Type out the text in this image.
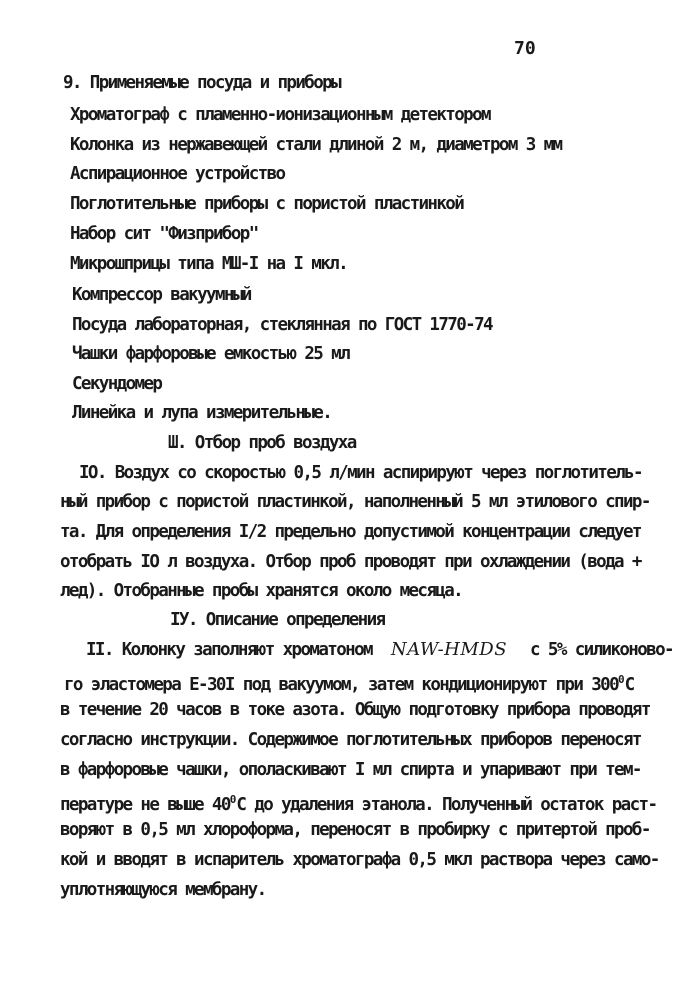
70
9. Применяемые посуда и приборы
Хроматограф с пламенно-ионизационным детектором
Колонка из нержавеющей стали длиной 2 м, диаметром 3 мм
Аспирационное устройство
Поглотительные приборы с пористой пластинкой
Набор сит "Физприбор"
Микрошприцы типа МШ-I на I мкл.
Компрессор вакуумный
Посуда лабораторная, стеклянная по ГОСТ 1770-74
Чашки фарфоровые емкостью 25 мл
Секундомер
Линейка и лупа измерительные.
Ш. Отбор проб воздуха
IO. Воздух со скоростью 0,5 л/мин аспирируют через поглотитель-
ный прибор с пористой пластинкой, наполненный 5 мл этилового спир-
та. Для определения I/2 предельно допустимой концентрации следует
отобрать IO л воздуха. Отбор проб проводят при охлаждении (вода +
лед). Отобранные пробы хранятся около месяца.
IУ. Описание определения
II. Колонку заполняют хроматоном NAW-HMDS с 5% силиконово-
го эластомера Е-30I под вакуумом, затем кондиционируют при $300^0С$
в течение 20 часов в токе азота. Общую подготовку прибора проводят
согласно инструкции. Содержимое поглотительных приборов переносят
в фарфоровые чашки, ополаскивают I мл спирта и упаривают при тем-
пературе не выше $40^0С$ до удаления этанола. Полученный остаток раст-
воряют в 0,5 мл хлороформа, переносят в пробирку с притертой проб-
кой и вводят в испаритель хроматографа 0,5 мкл раствора через само-
уплотняющуюся мембрану.
